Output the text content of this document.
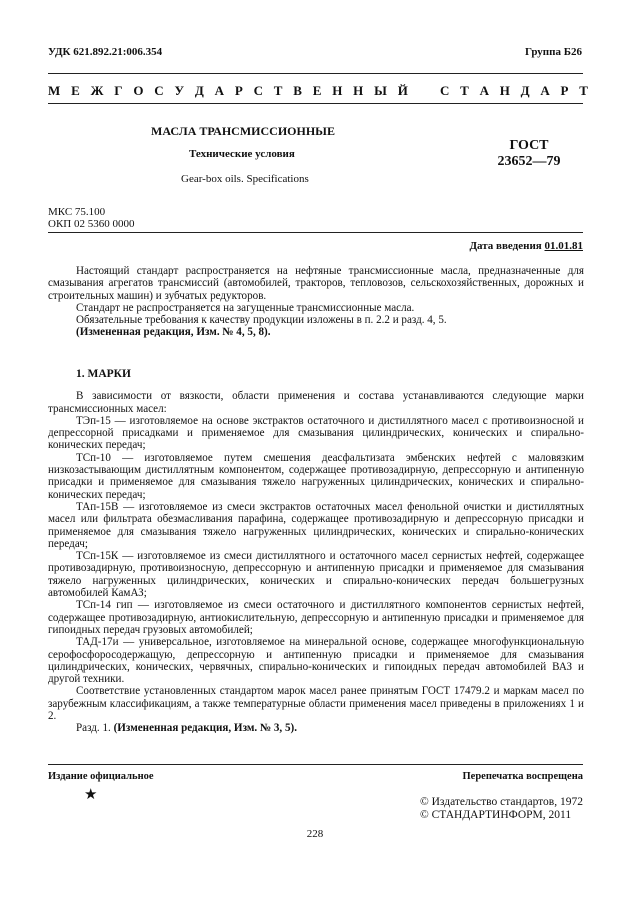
УДК 621.892.21:006.354	Группа Б26
М Е Ж Г О С У Д А Р С Т В Е Н Н Ы Й С Т А Н Д А Р Т
МАСЛА ТРАНСМИССИОННЫЕ
Технические условия
Gear-box oils. Specifications
ГОСТ
23652—79
МКС 75.100
ОКП 02 5360 0000
Дата введения 01.01.81

Настоящий стандарт распространяется на нефтяные трансмиссионные масла, предназначенные для смазывания агрегатов трансмиссий (автомобилей, тракторов, тепловозов, сельскохозяйственных, дорожных и строительных машин) и зубчатых редукторов.

Стандарт не распространяется на загущенные трансмиссионные масла.

Обязательные требования к качеству продукции изложены в п. 2.2 и разд. 4, 5.

(Измененная редакция, Изм. № 4, 5, 8).

1. МАРКИ

В зависимости от вязкости, области применения и состава устанавливаются следующие марки трансмиссионных масел:

ТЭп-15 — изготовляемое на основе экстрактов остаточного и дистиллятного масел с противоизносной и депрессорной присадками и применяемое для смазывания цилиндрических, конических и спирально-конических передач;

ТСп-10 — изготовляемое путем смешения деасфальтизата эмбенских нефтей с маловязким низкозастывающим дистиллятным компонентом, содержащее противозадирную, депрессорную и антипенную присадки и применяемое для смазывания тяжело нагруженных цилиндрических, конических и спирально-конических передач;

ТАп-15В — изготовляемое из смеси экстрактов остаточных масел фенольной очистки и дистиллятных масел или фильтрата обезмасливания парафина, содержащее противозадирную и депрессорную присадки и применяемое для смазывания тяжело нагруженных цилиндрических, конических и спирально-конических передач;

ТСп-15К — изготовляемое из смеси дистиллятного и остаточного масел сернистых нефтей, содержащее противозадирную, противоизносную, депрессорную и антипенную присадки и применяемое для смазывания тяжело нагруженных цилиндрических, конических и спирально-конических передач большегрузных автомобилей КамАЗ;

ТСп-14 гип — изготовляемое из смеси остаточного и дистиллятного компонентов сернистых нефтей, содержащее противозадирную, антиокислительную, депрессорную и антипенную присадки и применяемое для гипоидных передач грузовых автомобилей;

ТАД-17и — универсальное, изготовляемое на минеральной основе, содержащее многофункциональную серофосфоросодержащую, депрессорную и антипенную присадки и применяемое для смазывания цилиндрических, конических, червячных, спирально-конических и гипоидных передач автомобилей ВАЗ и другой техники.

Соответствие установленных стандартом марок масел ранее принятым ГОСТ 17479.2 и маркам масел по зарубежным классификациям, а также температурные области применения масел приведены в приложениях 1 и 2.

Разд. 1. (Измененная редакция, Изм. № 3, 5).

Издание официальное	Перепечатка воспрещена
★	© Издательство стандартов, 1972
© СТАНДАРТИНФОРМ, 2011
228
